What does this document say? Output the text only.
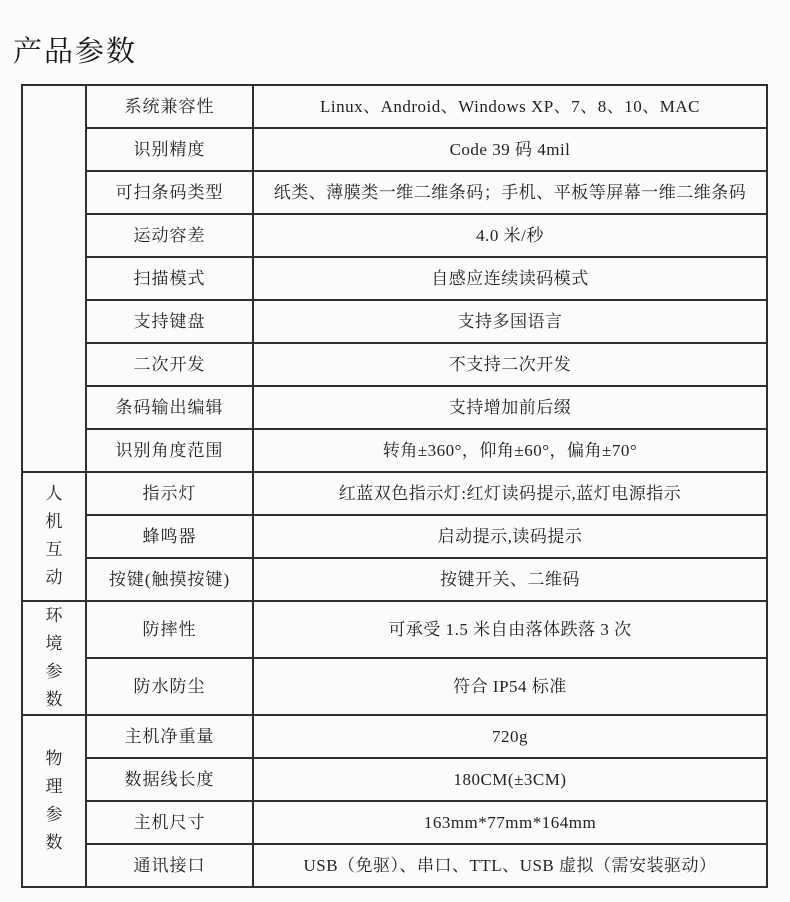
产品参数
	系统兼容性	Linux、Android、Windows XP、7、8、10、MAC
	识别精度	Code 39 码 4mil
	可扫条码类型	纸类、薄膜类一维二维条码；手机、平板等屏幕一维二维条码
	运动容差	4.0 米/秒
	扫描模式	自感应连续读码模式
	支持键盘	支持多国语言
	二次开发	不支持二次开发
	条码输出编辑	支持增加前后缀
	识别角度范围	转角±360°，仰角±60°，偏角±70°

人机互动	指示灯	红蓝双色指示灯:红灯读码提示,蓝灯电源指示
	蜂鸣器	启动提示,读码提示
	按键(触摸按键)	按键开关、二维码

环境参数	防摔性	可承受 1.5 米自由落体跌落 3 次
	防水防尘	符合 IP54 标准

物理参数	主机净重量	720g
	数据线长度	180CM(±3CM)
	主机尺寸	163mm*77mm*164mm
	通讯接口	USB（免驱）、串口、TTL、USB 虚拟（需安装驱动）
